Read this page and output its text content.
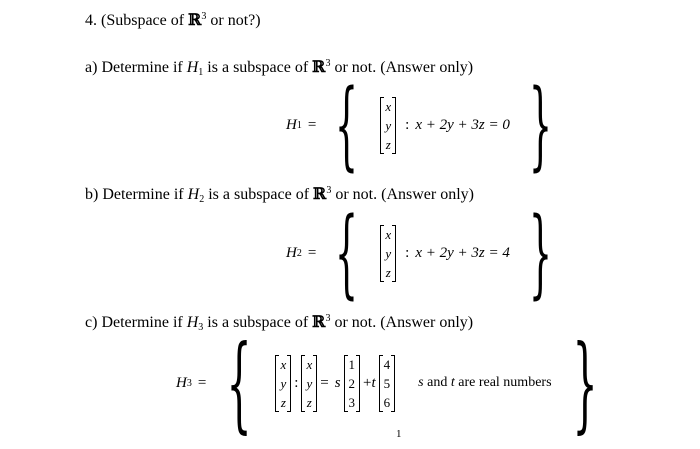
4. (Subspace of ℝ$^3$ or not?)
a) Determine if $H_1$ is a subspace of ℝ$^3$ or not. (Answer only)
H 1 = { x
y
z
: x + 2y + 3z = 0 }
b) Determine if $H_2$ is a subspace of ℝ$^3$ or not. (Answer only)
H 2 = { x
y
z
: x + 2y + 3z = 4 }
c) Determine if $H_3$ is a subspace of ℝ$^3$ or not. (Answer only)
H 3 = { x
y
z
:
x
y
z
= s
1
2
3
+ t
4
5
6
s and t are real numbers }
1
